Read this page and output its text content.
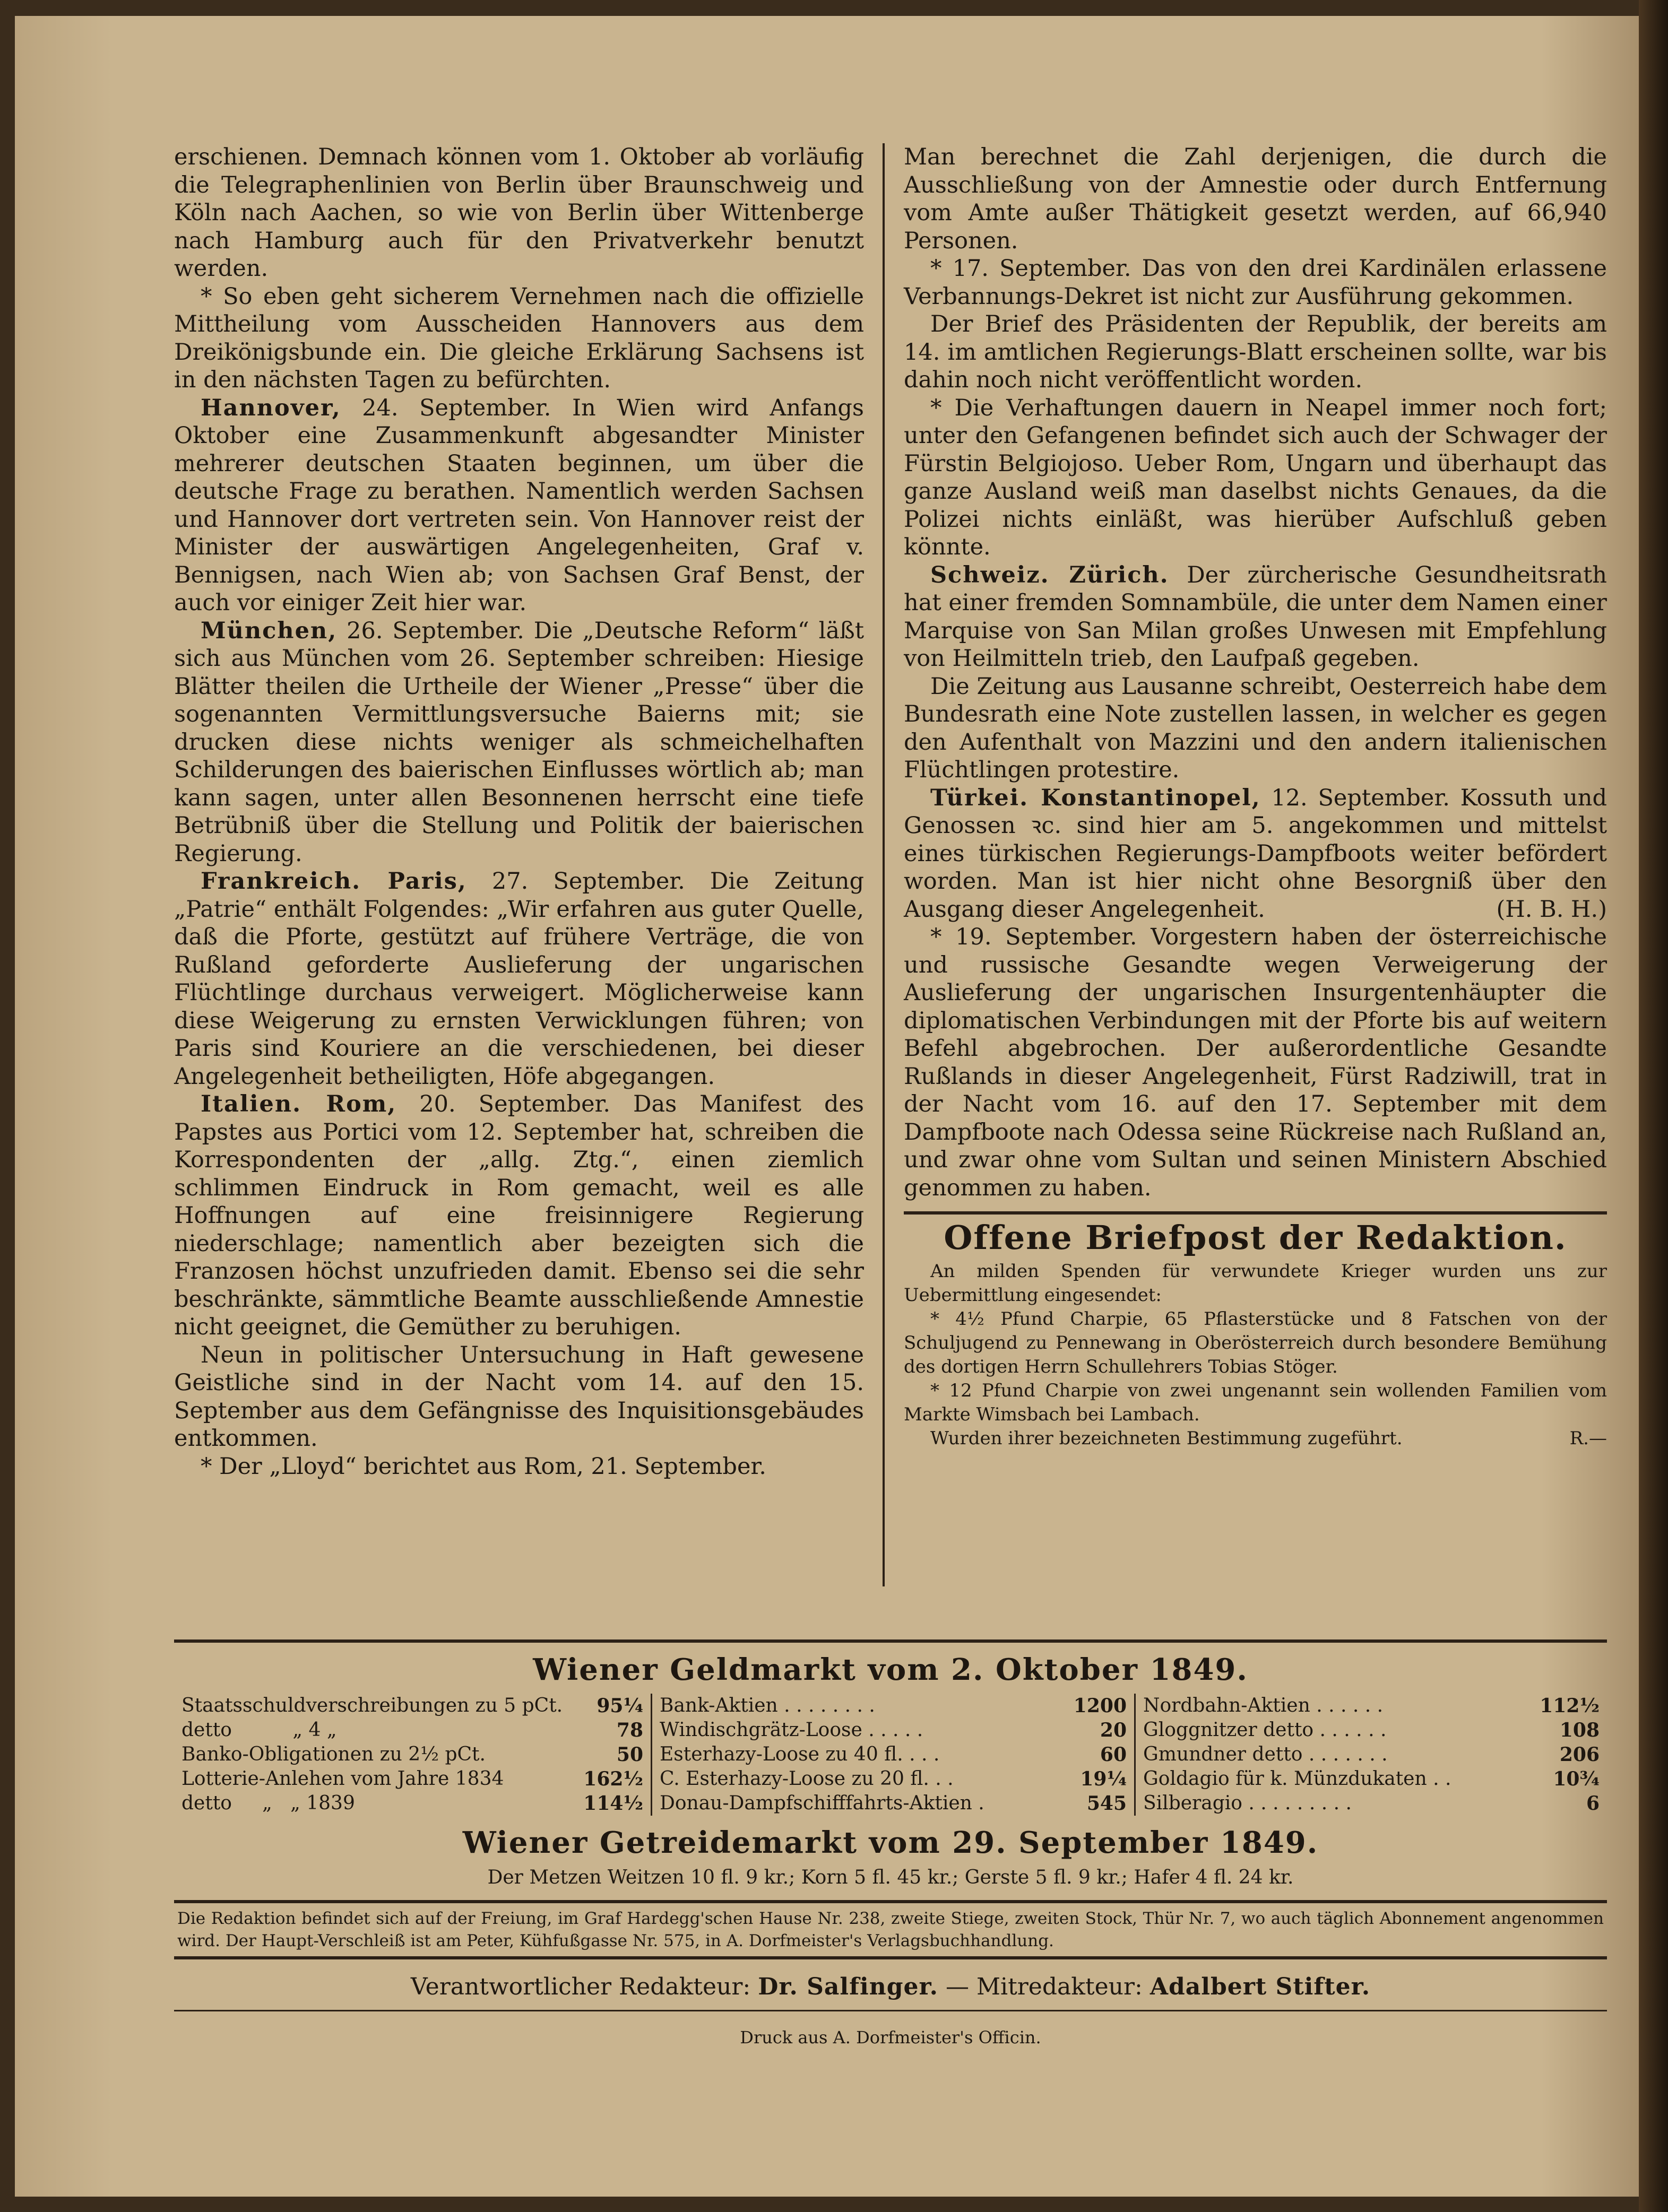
erschienen. Demnach können vom 1. Oktober ab vorläufig die Telegraphenlinien von Berlin über Braunschweig und Köln nach Aachen, so wie von Berlin über Wittenberge nach Hamburg auch für den Privatverkehr benutzt werden.

* So eben geht sicherem Vernehmen nach die offizielle Mittheilung vom Ausscheiden Hannovers aus dem Dreikönigsbunde ein. Die gleiche Erklärung Sachsens ist in den nächsten Tagen zu befürchten.

Hannover, 24. September. In Wien wird Anfangs Oktober eine Zusammenkunft abgesandter Minister mehrerer deutschen Staaten beginnen, um über die deutsche Frage zu berathen. Namentlich werden Sachsen und Hannover dort vertreten sein. Von Hannover reist der Minister der auswärtigen Angelegenheiten, Graf v. Bennigsen, nach Wien ab; von Sachsen Graf Benst, der auch vor einiger Zeit hier war.

München, 26. September. Die „Deutsche Reform“ läßt sich aus München vom 26. September schreiben: Hiesige Blätter theilen die Urtheile der Wiener „Presse“ über die sogenannten Vermittlungsversuche Baierns mit; sie drucken diese nichts weniger als schmeichelhaften Schilderungen des baierischen Einflusses wörtlich ab; man kann sagen, unter allen Besonnenen herrscht eine tiefe Betrübniß über die Stellung und Politik der baierischen Regierung.

Frankreich. Paris, 27. September. Die Zeitung „Patrie“ enthält Folgendes: „Wir erfahren aus guter Quelle, daß die Pforte, gestützt auf frühere Verträge, die von Rußland geforderte Auslieferung der ungarischen Flüchtlinge durchaus verweigert. Möglicherweise kann diese Weigerung zu ernsten Verwicklungen führen; von Paris sind Kouriere an die verschiedenen, bei dieser Angelegenheit betheiligten, Höfe abgegangen.

Italien. Rom, 20. September. Das Manifest des Papstes aus Portici vom 12. September hat, schreiben die Korrespondenten der „allg. Ztg.“, einen ziemlich schlimmen Eindruck in Rom gemacht, weil es alle Hoffnungen auf eine freisinnigere Regierung niederschlage; namentlich aber bezeigten sich die Franzosen höchst unzufrieden damit. Ebenso sei die sehr beschränkte, sämmtliche Beamte ausschließende Amnestie nicht geeignet, die Gemüther zu beruhigen.

Neun in politischer Untersuchung in Haft gewesene Geistliche sind in der Nacht vom 14. auf den 15. September aus dem Gefängnisse des Inquisitionsgebäudes entkommen.

* Der „Lloyd“ berichtet aus Rom, 21. September.

Man berechnet die Zahl derjenigen, die durch die Ausschließung von der Amnestie oder durch Entfernung vom Amte außer Thätigkeit gesetzt werden, auf 66,940 Personen.

* 17. September. Das von den drei Kardinälen erlassene Verbannungs-Dekret ist nicht zur Ausführung gekommen.

Der Brief des Präsidenten der Republik, der bereits am 14. im amtlichen Regierungs-Blatt erscheinen sollte, war bis dahin noch nicht veröffentlicht worden.

* Die Verhaftungen dauern in Neapel immer noch fort; unter den Gefangenen befindet sich auch der Schwager der Fürstin Belgiojoso. Ueber Rom, Ungarn und überhaupt das ganze Ausland weiß man daselbst nichts Genaues, da die Polizei nichts einläßt, was hierüber Aufschluß geben könnte.

Schweiz. Zürich. Der zürcherische Gesundheitsrath hat einer fremden Somnambüle, die unter dem Namen einer Marquise von San Milan großes Unwesen mit Empfehlung von Heilmitteln trieb, den Laufpaß gegeben.

Die Zeitung aus Lausanne schreibt, Oesterreich habe dem Bundesrath eine Note zustellen lassen, in welcher es gegen den Aufenthalt von Mazzini und den andern italienischen Flüchtlingen protestire.

Türkei. Konstantinopel, 12. September. Kossuth und Genossen ꝛc. sind hier am 5. angekommen und mittelst eines türkischen Regierungs-Dampfboots weiter befördert worden. Man ist hier nicht ohne Besorgniß über den Ausgang dieser Angelegenheit.	(H. B. H.)

* 19. September. Vorgestern haben der österreichische und russische Gesandte wegen Verweigerung der Auslieferung der ungarischen Insurgentenhäupter die diplomatischen Verbindungen mit der Pforte bis auf weitern Befehl abgebrochen. Der außerordentliche Gesandte Rußlands in dieser Angelegenheit, Fürst Radziwill, trat in der Nacht vom 16. auf den 17. September mit dem Dampfboote nach Odessa seine Rückreise nach Rußland an, und zwar ohne vom Sultan und seinen Ministern Abschied genommen zu haben.

Offene Briefpost der Redaktion.

An milden Spenden für verwundete Krieger wurden uns zur Uebermittlung eingesendet:

* 4½ Pfund Charpie, 65 Pflasterstücke und 8 Fatschen von der Schuljugend zu Pennewang in Oberösterreich durch besondere Bemühung des dortigen Herrn Schullehrers Tobias Stöger.

* 12 Pfund Charpie von zwei ungenannt sein wollenden Familien vom Markte Wimsbach bei Lambach.

Wurden ihrer bezeichneten Bestimmung zugeführt.	R.—

Wiener Geldmarkt vom 2. Oktober 1849.
Staatsschuldverschreibungen zu 5 pCt. 95¼
detto          „ 4 „	78
Banko-Obligationen zu 2½ pCt.	50
Lotterie-Anlehen vom Jahre 1834	162½
detto     „   „ 1839	114½
Bank-Aktien . . . . . . . .	1200
Windischgrätz-Loose . . . . .	20
Esterhazy-Loose zu 40 fl. . . .	60
C. Esterhazy-Loose zu 20 fl. . .	19¼
Donau-Dampfschifffahrts-Aktien .	545
Nordbahn-Aktien . . . . . .	112½
Gloggnitzer detto . . . . . .	108
Gmundner detto . . . . . . .	206
Goldagio für k. Münzdukaten . .	10¾
Silberagio . . . . . . . . .	6
Wiener Getreidemarkt vom 29. September 1849.
Der Metzen Weitzen 10 fl. 9 kr.; Korn 5 fl. 45 kr.; Gerste 5 fl. 9 kr.; Hafer 4 fl. 24 kr.
Die Redaktion befindet sich auf der Freiung, im Graf Hardegg'schen Hause Nr. 238, zweite Stiege, zweiten Stock, Thür Nr. 7, wo auch täglich Abonnement angenommen wird. Der Haupt-Verschleiß ist am Peter, Kühfußgasse Nr. 575, in A. Dorfmeister's Verlagsbuchhandlung.
Verantwortlicher Redakteur: Dr. Salfinger. — Mitredakteur: Adalbert Stifter.
Druck aus A. Dorfmeister's Officin.
